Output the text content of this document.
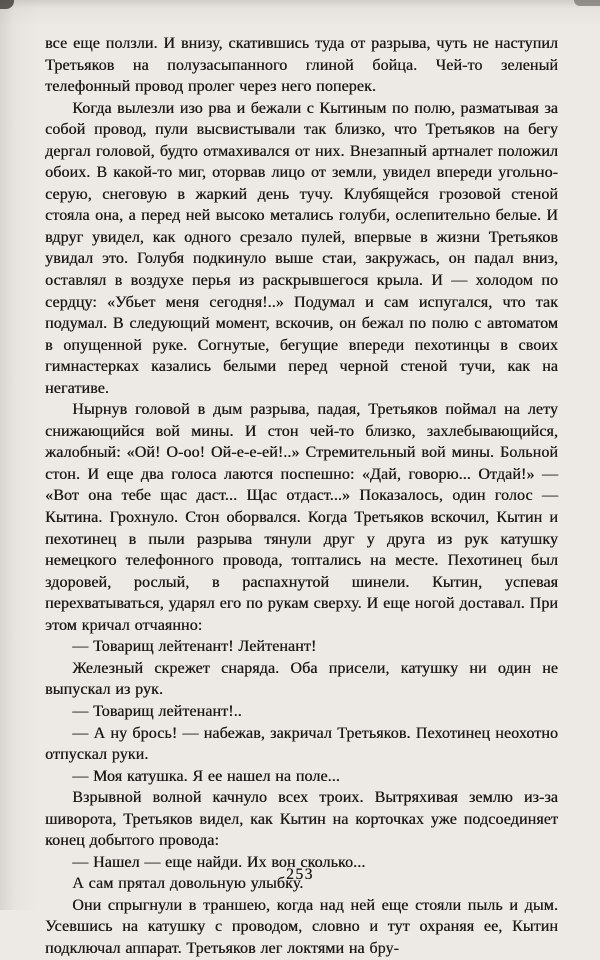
все еще ползли. И внизу, скатившись туда от разрыва, чуть не наступил Третьяков на полузасыпанного глиной бойца. Чей-то зеленый телефонный провод пролег через него поперек.

Когда вылезли изо рва и бежали с Кытиным по полю, разматывая за собой провод, пули высвистывали так близко, что Третьяков на бегу дергал головой, будто отмахивался от них. Внезапный артналет положил обоих. В какой-то миг, оторвав лицо от земли, увидел впереди угольно-серую, снеговую в жаркий день тучу. Клубящейся грозовой стеной стояла она, а перед ней высоко метались голуби, ослепительно белые. И вдруг увидел, как одного срезало пулей, впервые в жизни Третьяков увидал это. Голубя подкинуло выше стаи, закружась, он падал вниз, оставлял в воздухе перья из раскрывшегося крыла. И — холодом по сердцу: «Убьет меня сегодня!..» Подумал и сам испугался, что так подумал. В следующий момент, вскочив, он бежал по полю с автоматом в опущенной руке. Согнутые, бегущие впереди пехотинцы в своих гимнастерках казались белыми перед черной стеной тучи, как на негативе.

Нырнув головой в дым разрыва, падая, Третьяков поймал на лету снижающийся вой мины. И стон чей-то близко, захлебывающийся, жалобный: «Ой! О-оо! Ой-е-е-ей!..» Стремительный вой мины. Больной стон. И еще два голоса лаются поспешно: «Дай, говорю... Отдай!» — «Вот она тебе щас даст... Щас отдаст...» Показалось, один голос — Кытина. Грохнуло. Стон оборвался. Когда Третьяков вскочил, Кытин и пехотинец в пыли разрыва тянули друг у друга из рук катушку немецкого телефонного провода, топтались на месте. Пехотинец был здоровей, рослый, в распахнутой шинели. Кытин, успевая перехватываться, ударял его по рукам сверху. И еще ногой доставал. При этом кричал отчаянно:

— Товарищ лейтенант! Лейтенант!

Железный скрежет снаряда. Оба присели, катушку ни один не выпускал из рук.

— Товарищ лейтенант!..

— А ну брось! — набежав, закричал Третьяков. Пехотинец неохотно отпускал руки.

— Моя катушка. Я ее нашел на поле...

Взрывной волной качнуло всех троих. Вытряхивая землю из-за шиворота, Третьяков видел, как Кытин на корточках уже подсоединяет конец добытого провода:

— Нашел — еще найди. Их вон сколько...

А сам прятал довольную улыбку.

Они спрыгнули в траншею, когда над ней еще стояли пыль и дым. Усевшись на катушку с проводом, словно и тут охраняя ее, Кытин подключал аппарат. Третьяков лег локтями на бру-

253
